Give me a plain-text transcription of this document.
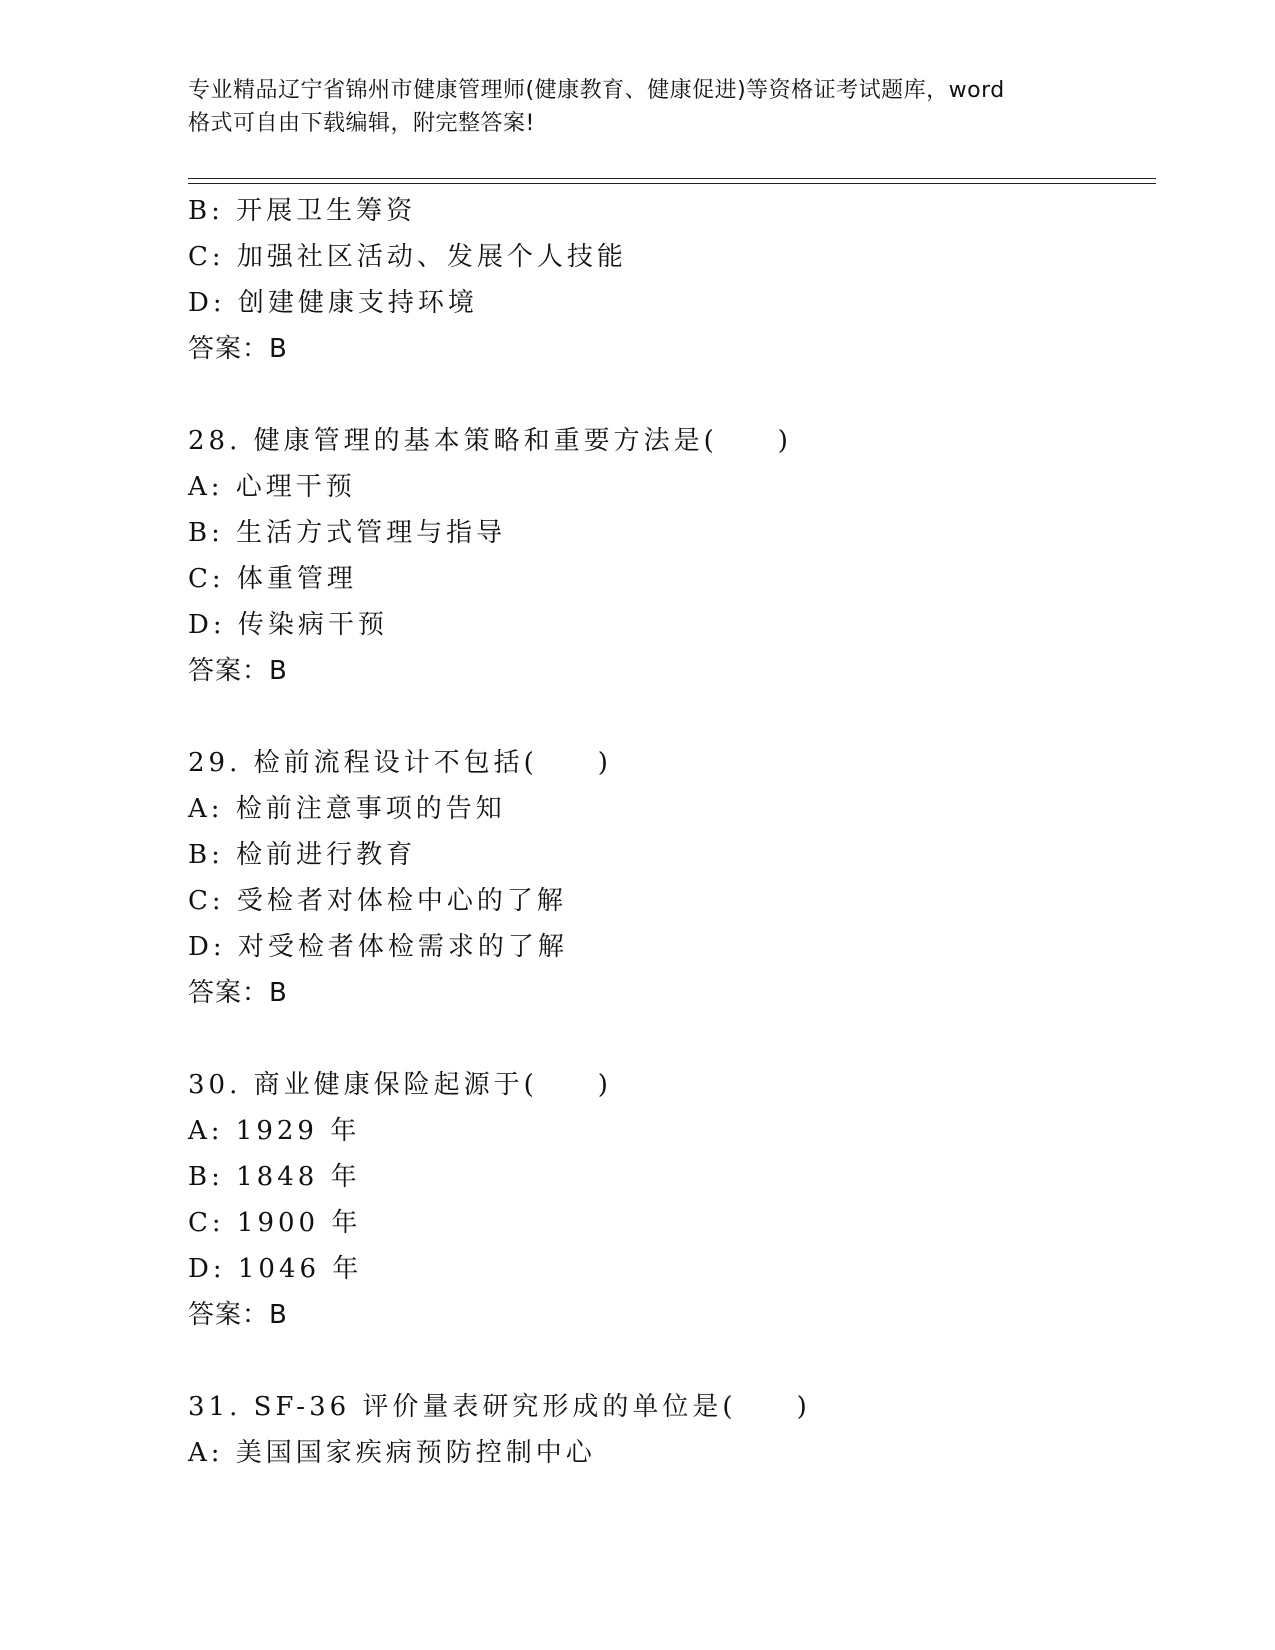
专业精品辽宁省锦州市健康管理师(健康教育、健康促进)等资格证考试题库，word

格式可自由下载编辑，附完整答案!

B: 开展卫生筹资
C: 加强社区活动、发展个人技能
D: 创建健康支持环境
答案：B
28. 健康管理的基本策略和重要方法是(　　)
A: 心理干预
B: 生活方式管理与指导
C: 体重管理
D: 传染病干预
答案：B
29. 检前流程设计不包括(　　)
A: 检前注意事项的告知
B: 检前进行教育
C: 受检者对体检中心的了解
D: 对受检者体检需求的了解
答案：B
30. 商业健康保险起源于(　　)
A: 1929 年
B: 1848 年
C: 1900 年
D: 1046 年
答案：B
31. SF-36 评价量表研究形成的单位是(　　)
A: 美国国家疾病预防控制中心
